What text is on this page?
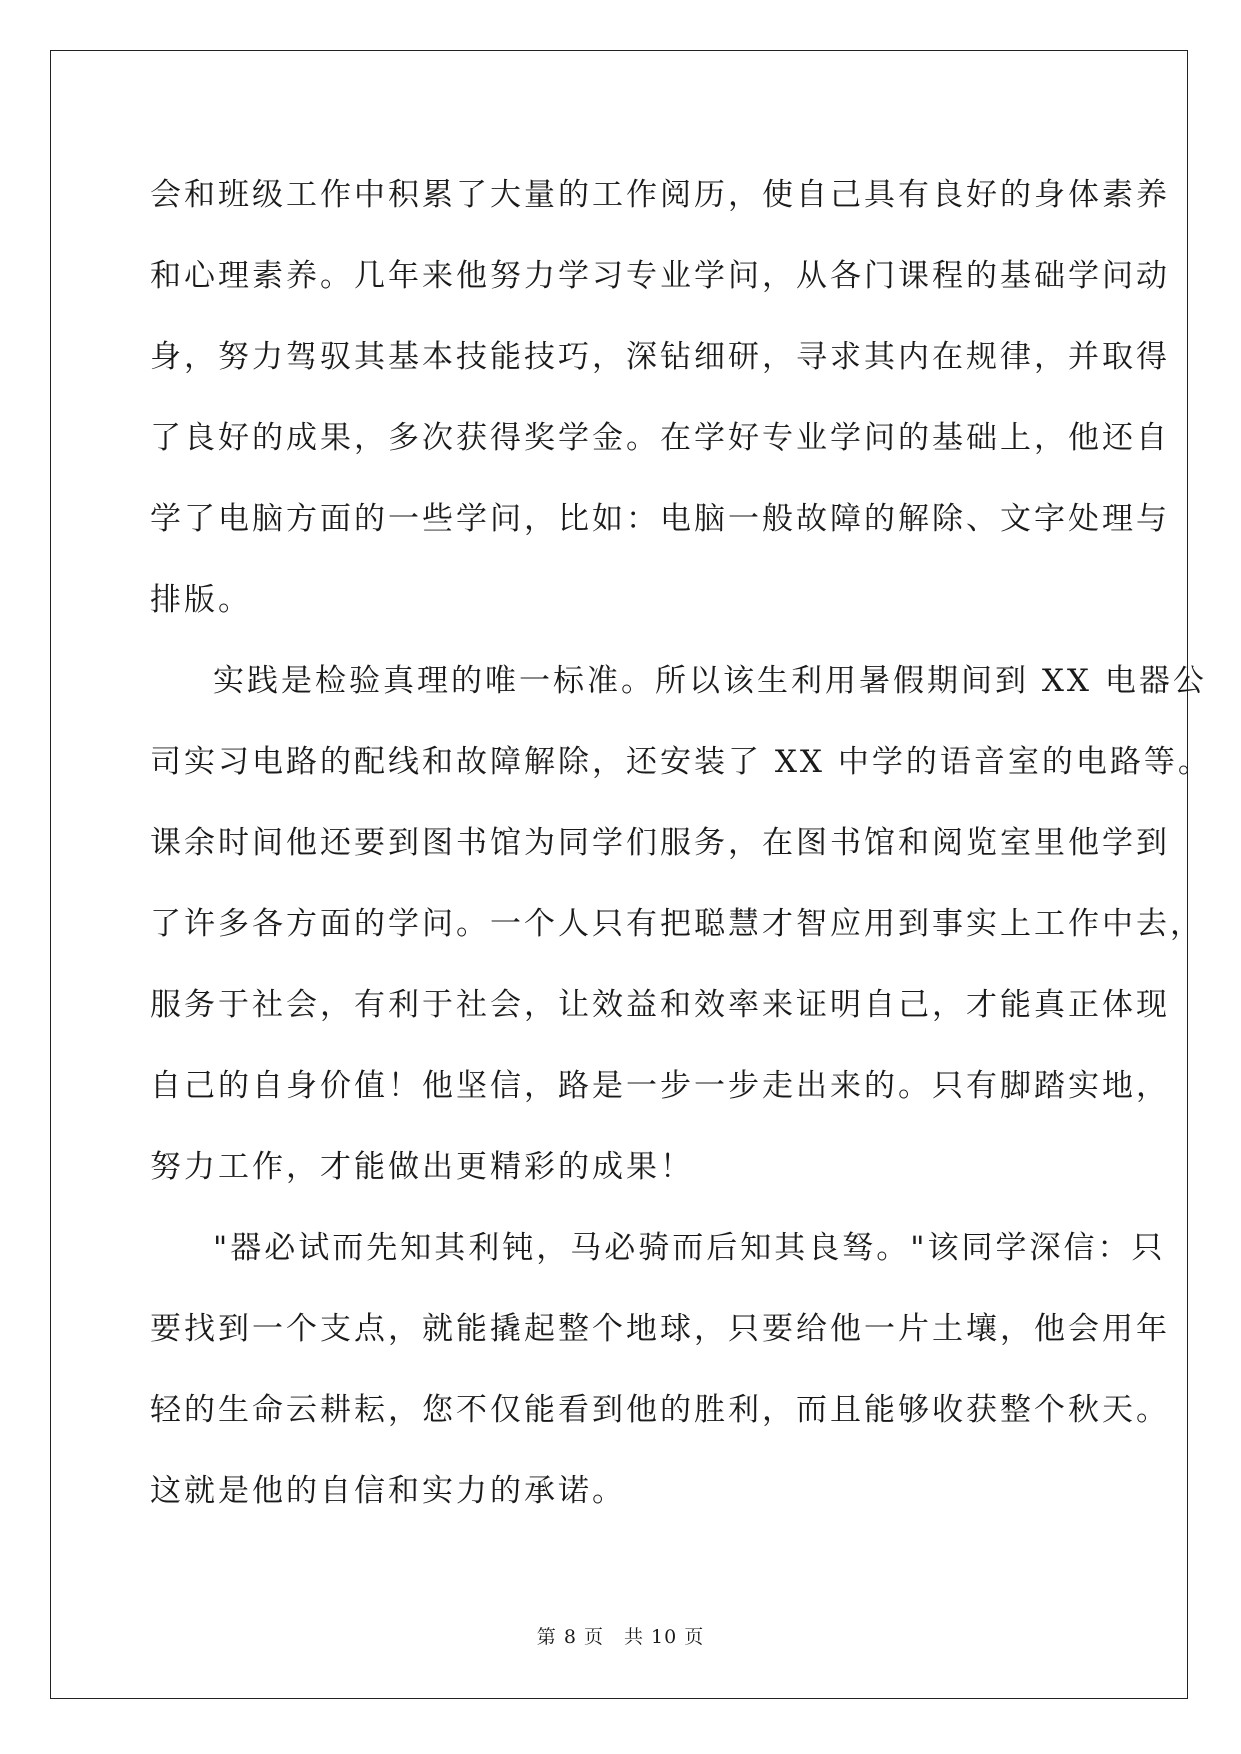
会和班级工作中积累了大量的工作阅历，使自己具有良好的身体素养
和心理素养。几年来他努力学习专业学问，从各门课程的基础学问动
身，努力驾驭其基本技能技巧，深钻细研，寻求其内在规律，并取得
了良好的成果，多次获得奖学金。在学好专业学问的基础上，他还自
学了电脑方面的一些学问，比如：电脑一般故障的解除、文字处理与
排版。
实践是检验真理的唯一标准。所以该生利用暑假期间到 XX 电器公
司实习电路的配线和故障解除，还安装了 XX 中学的语音室的电路等。
课余时间他还要到图书馆为同学们服务，在图书馆和阅览室里他学到
了许多各方面的学问。一个人只有把聪慧才智应用到事实上工作中去，
服务于社会，有利于社会，让效益和效率来证明自己，才能真正体现
自己的自身价值！他坚信，路是一步一步走出来的。只有脚踏实地，
努力工作，才能做出更精彩的成果！
"器必试而先知其利钝，马必骑而后知其良驽。"该同学深信：只
要找到一个支点，就能撬起整个地球，只要给他一片土壤，他会用年
轻的生命云耕耘，您不仅能看到他的胜利，而且能够收获整个秋天。
这就是他的自信和实力的承诺。
第 8 页　共 10 页
